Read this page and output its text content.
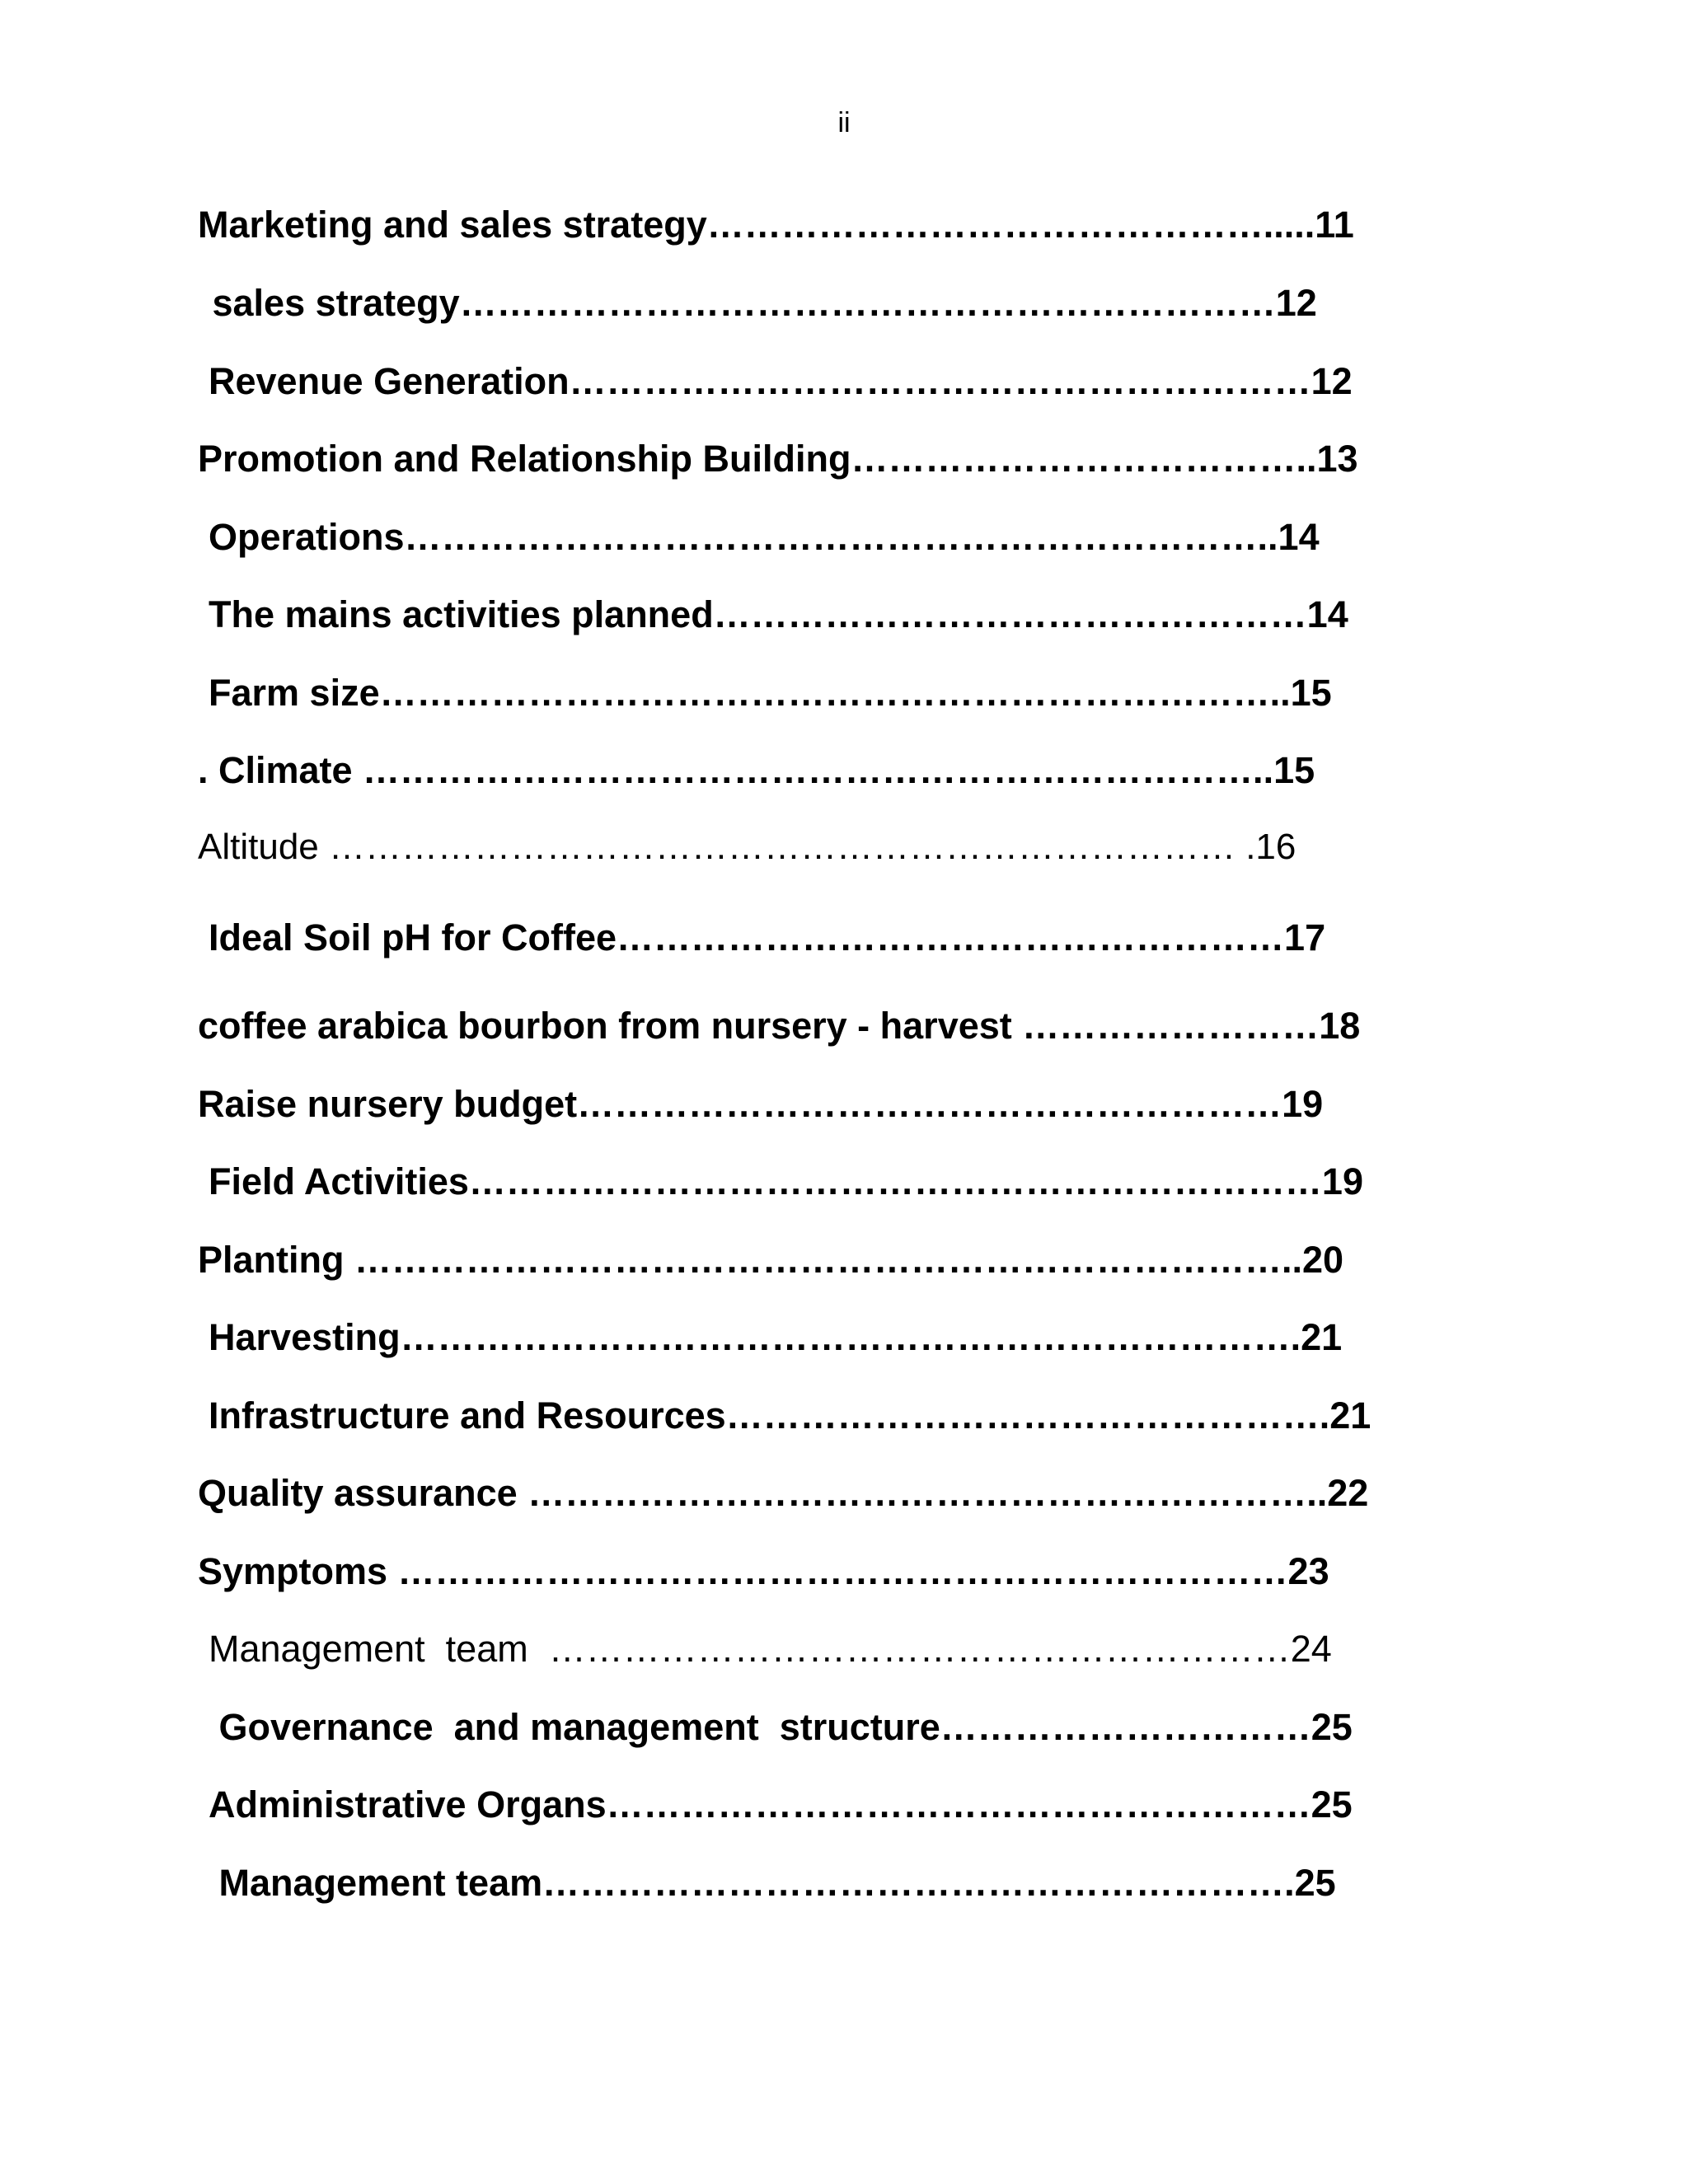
ii
Marketing and sales strategy……………………………………….....11
sales strategy…………………………………………………………12
Revenue Generation……………………………………………………12
Promotion and Relationship Building………………………………..13
Operations……………………………………………………………..14
The mains activities planned…………………………………………14
Farm size………………………………………………………………..15
. Climate ………………………………………………………………..15
Altitude ………………………………………………………………… .16
Ideal Soil pH for Coffee………………………………………………17
coffee arabica bourbon from nursery - harvest ……………………18
Raise nursery budget…………………………………………………19
Field Activities……………………………………………………………19
Planting …………………………………………………………………..20
Harvesting……………………………………………………………….21
Infrastructure and Resources………………………………………….21
Quality assurance ………………………………………………………..22
Symptoms ………………………………………………………………23
Management  team  ……………………………………………………24
Governance  and management  structure…………………………25
Administrative Organs…………………………………………………25
Management team…………………………………………………….25
